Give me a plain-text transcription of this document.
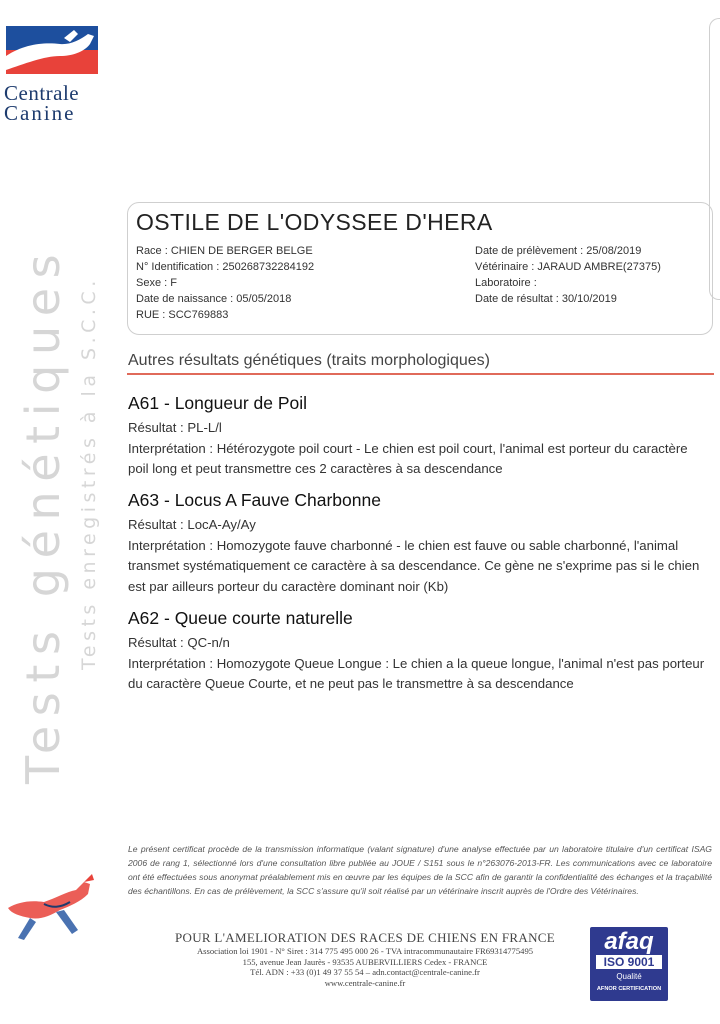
Centrale
Canine
Tests génétiques Tests enregistrés à la S.C.C.
OSTILE DE L'ODYSSEE D'HERA
Race : CHIEN DE BERGER BELGE
N° Identification : 250268732284192
Sexe : F
Date de naissance : 05/05/2018
RUE : SCC769883
Date de prélèvement : 25/08/2019
Vétérinaire : JARAUD AMBRE(27375)
Laboratoire :
Date de résultat : 30/10/2019
Autres résultats génétiques (traits morphologiques)
A61 - Longueur de Poil

Résultat : PL-L/l

Interprétation : Hétérozygote poil court - Le chien est poil court, l'animal est porteur du caractère poil long et peut transmettre ces 2 caractères à sa descendance

A63 - Locus A Fauve Charbonne

Résultat : LocA-Ay/Ay

Interprétation : Homozygote fauve charbonné - le chien est fauve ou sable charbonné, l'animal transmet systématiquement ce caractère à sa descendance. Ce gène ne s'exprime pas si le chien est par ailleurs porteur du caractère dominant noir (Kb)

A62 - Queue courte naturelle

Résultat : QC-n/n

Interprétation : Homozygote Queue Longue : Le chien a la queue longue, l'animal n'est pas porteur du caractère Queue Courte, et ne peut pas le transmettre à sa descendance

Le présent certificat procède de la transmission informatique (valant signature) d'une analyse effectuée par un laboratoire titulaire d'un certificat ISAG 2006 de rang 1, sélectionné lors d'une consultation libre publiée au JOUE / S151 sous le n°263076-2013-FR. Les communications avec ce laboratoire ont été effectuées sous anonymat préalablement mis en œuvre par les équipes de la SCC afin de garantir la confidentialité des échanges et la traçabilité des échantillons. En cas de prélèvement, la SCC s'assure qu'il soit réalisé par un vétérinaire inscrit auprès de l'Ordre des Vétérinaires.
POUR L'AMELIORATION DES RACES DE CHIENS EN FRANCE
Association loi 1901 - N° Siret : 314 775 495 000 26 - TVA intracommunautaire FR69314775495
155, avenue Jean Jaurès - 93535 AUBERVILLIERS Cedex - FRANCE
Tél. ADN : +33 (0)1 49 37 55 54 – adn.contact@centrale-canine.fr
www.centrale-canine.fr
afaq
ISO 9001
Qualité
AFNOR CERTIFICATION
